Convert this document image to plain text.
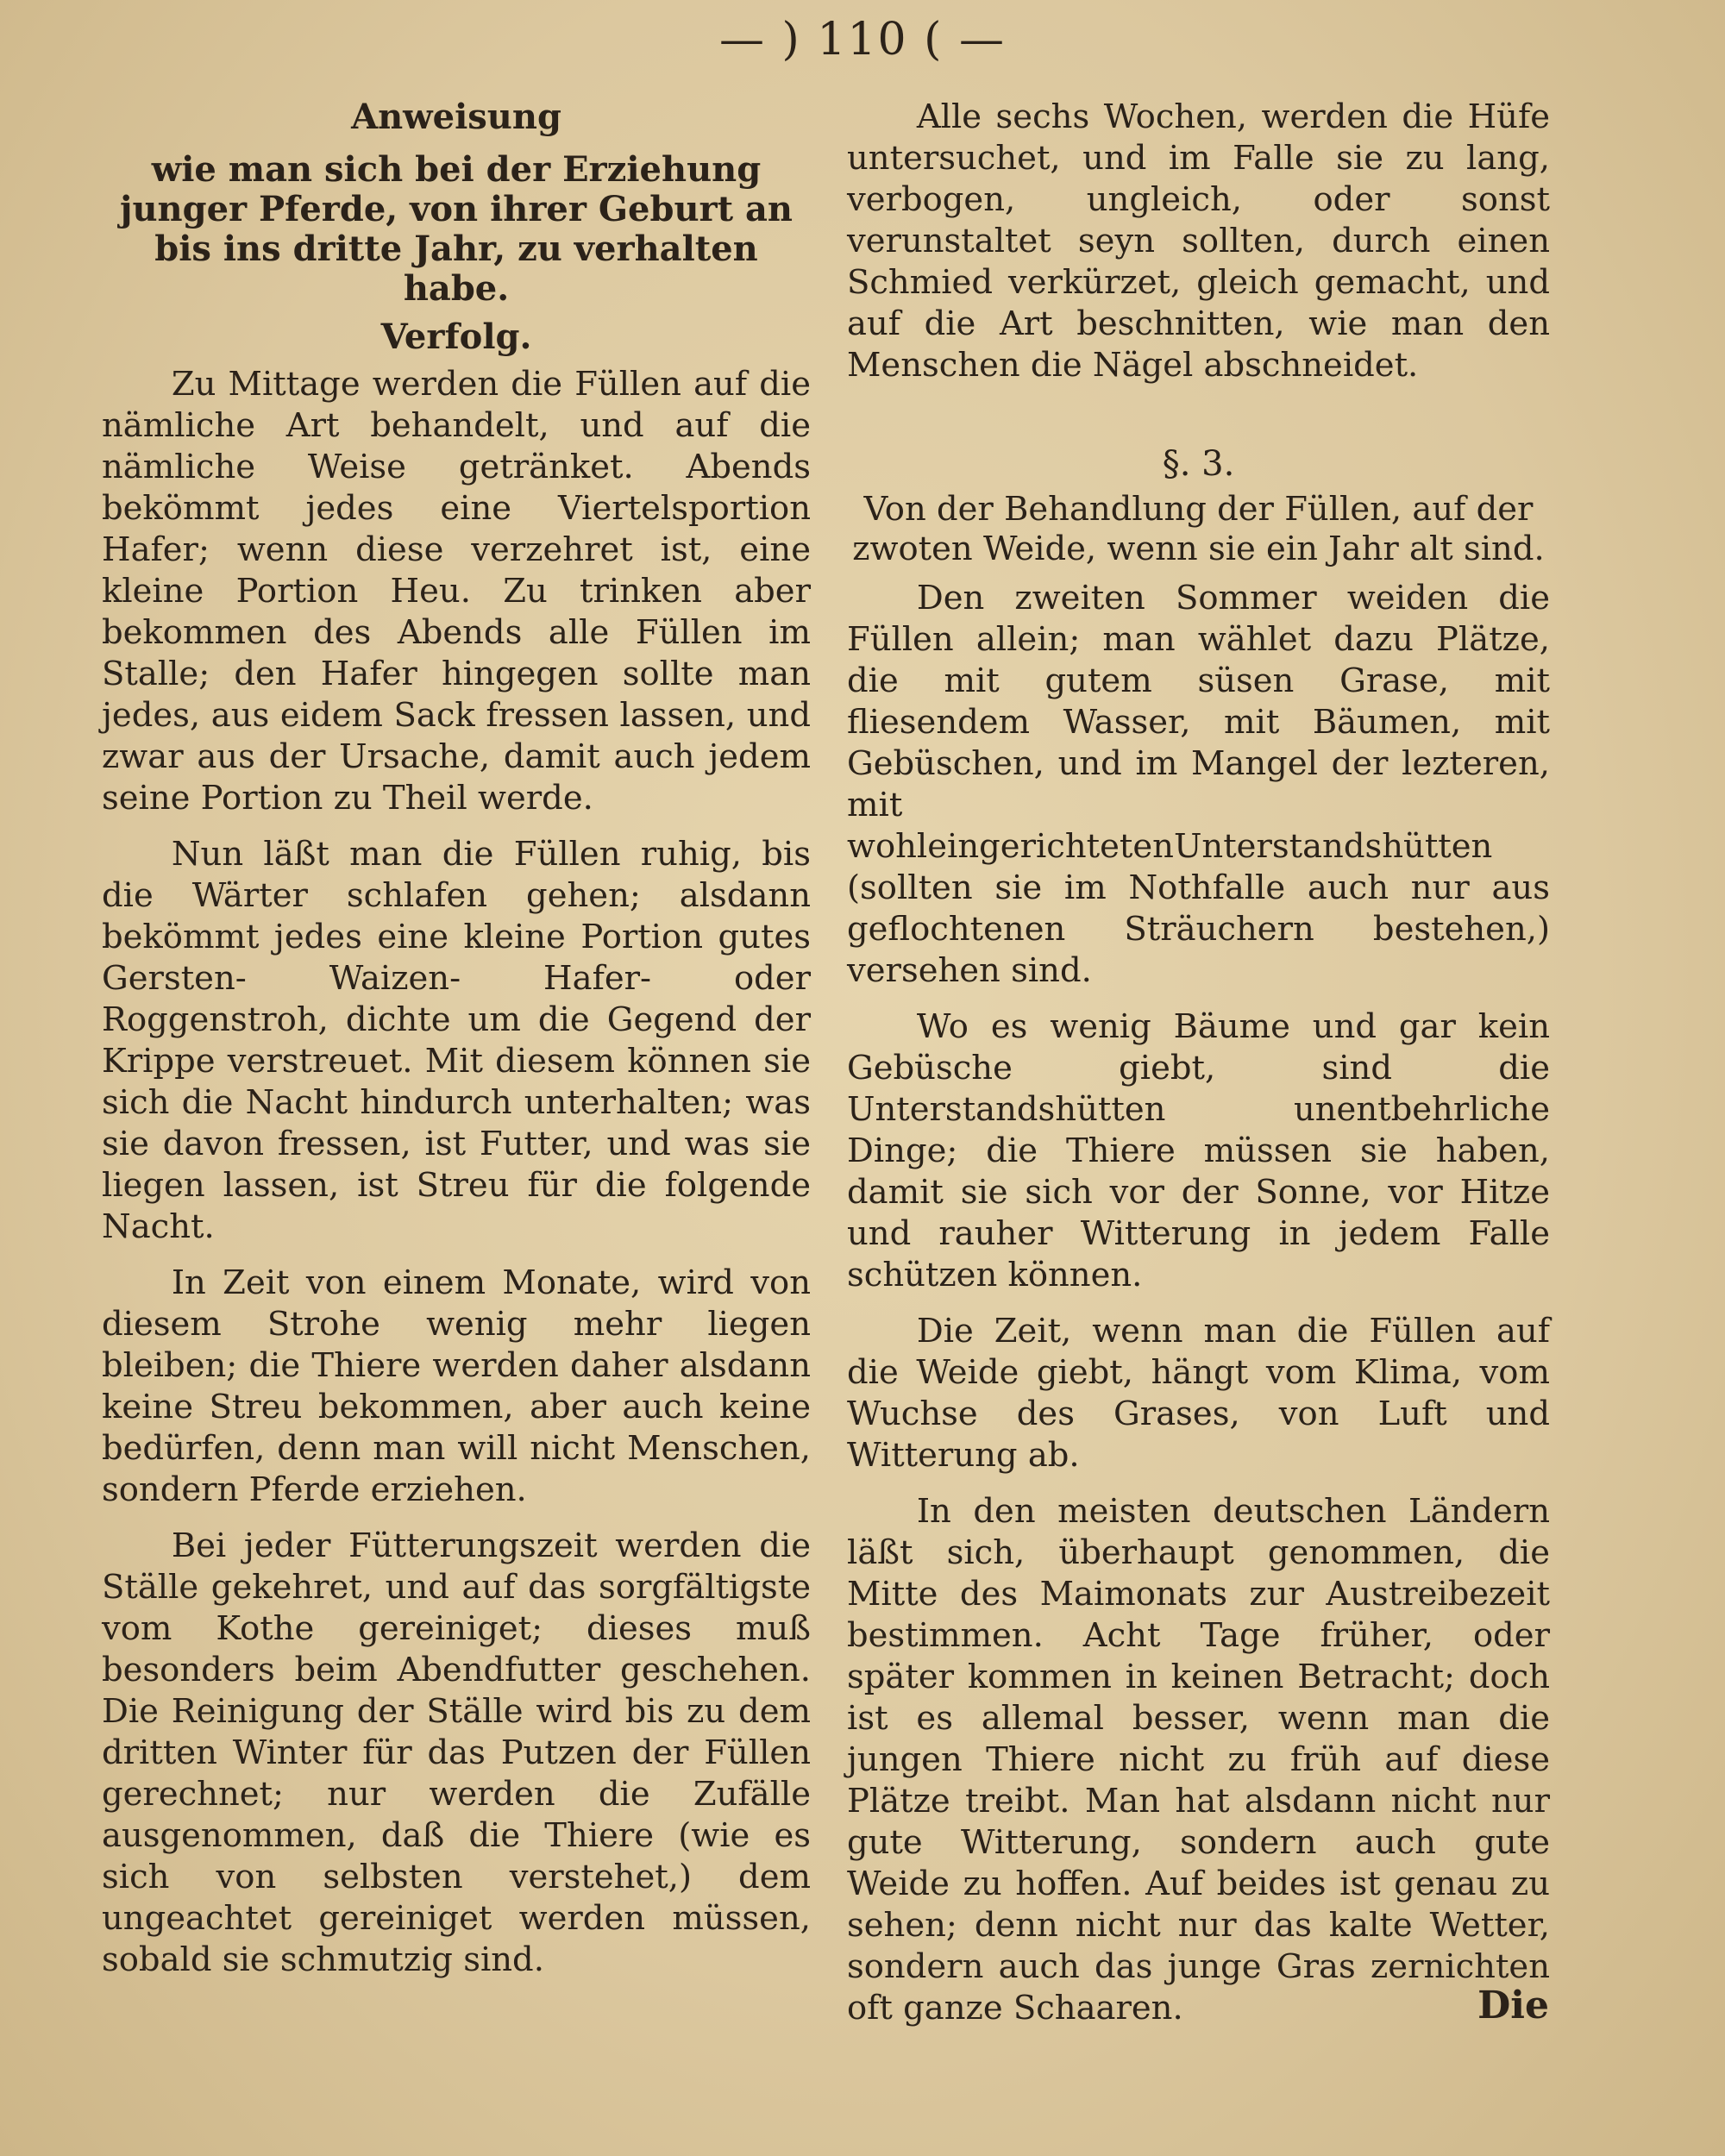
— ) 110 ( —

Anweisung

wie man sich bei der Erziehung junger Pferde, von ihrer Geburt an bis ins dritte Jahr, zu verhalten habe.

Verfolg.

Zu Mittage werden die Füllen auf die nämliche Art behandelt, und auf die nämliche Weise getränket. Abends bekömmt jedes eine Viertelsportion Hafer; wenn diese verzehret ist, eine kleine Portion Heu. Zu trinken aber bekommen des Abends alle Füllen im Stalle; den Hafer hingegen sollte man jedes, aus eidem Sack fressen lassen, und zwar aus der Ursache, damit auch jedem seine Portion zu Theil werde.

Nun läßt man die Füllen ruhig, bis die Wärter schlafen gehen; alsdann bekömmt jedes eine kleine Portion gutes Gersten- Waizen- Hafer- oder Roggenstroh, dichte um die Gegend der Krippe verstreuet. Mit diesem können sie sich die Nacht hindurch unterhalten; was sie davon fressen, ist Futter, und was sie liegen lassen, ist Streu für die folgende Nacht.

In Zeit von einem Monate, wird von diesem Strohe wenig mehr liegen bleiben; die Thiere werden daher alsdann keine Streu bekommen, aber auch keine bedürfen, denn man will nicht Menschen, sondern Pferde erziehen.

Bei jeder Fütterungszeit werden die Ställe gekehret, und auf das sorgfältigste vom Kothe gereiniget; dieses muß besonders beim Abendfutter geschehen. Die Reinigung der Ställe wird bis zu dem dritten Winter für das Putzen der Füllen gerechnet; nur werden die Zufälle ausgenommen, daß die Thiere (wie es sich von selbsten verstehet,) dem ungeachtet gereiniget werden müssen, sobald sie schmutzig sind.

Alle sechs Wochen, werden die Hüfe untersuchet, und im Falle sie zu lang, verbogen, ungleich, oder sonst verunstaltet seyn sollten, durch einen Schmied verkürzet, gleich gemacht, und auf die Art beschnitten, wie man den Menschen die Nägel abschneidet.

§. 3.

Von der Behandlung der Füllen, auf der zwoten Weide, wenn sie ein Jahr alt sind.

Den zweiten Sommer weiden die Füllen allein; man wählet dazu Plätze, die mit gutem süsen Grase, mit fliesendem Wasser, mit Bäumen, mit Gebüschen, und im Mangel der lezteren, mit wohleingerichtetenUnterstandshütten (sollten sie im Nothfalle auch nur aus geflochtenen Sträuchern bestehen,) versehen sind.

Wo es wenig Bäume und gar kein Gebüsche giebt, sind die Unterstandshütten unentbehrliche Dinge; die Thiere müssen sie haben, damit sie sich vor der Sonne, vor Hitze und rauher Witterung in jedem Falle schützen können.

Die Zeit, wenn man die Füllen auf die Weide giebt, hängt vom Klima, vom Wuchse des Grases, von Luft und Witterung ab.

In den meisten deutschen Ländern läßt sich, überhaupt genommen, die Mitte des Maimonats zur Austreibezeit bestimmen. Acht Tage früher, oder später kommen in keinen Betracht; doch ist es allemal besser, wenn man die jungen Thiere nicht zu früh auf diese Plätze treibt. Man hat alsdann nicht nur gute Witterung, sondern auch gute Weide zu hoffen. Auf beides ist genau zu sehen; denn nicht nur das kalte Wetter, sondern auch das junge Gras zernichten oft ganze Schaaren.	Die
